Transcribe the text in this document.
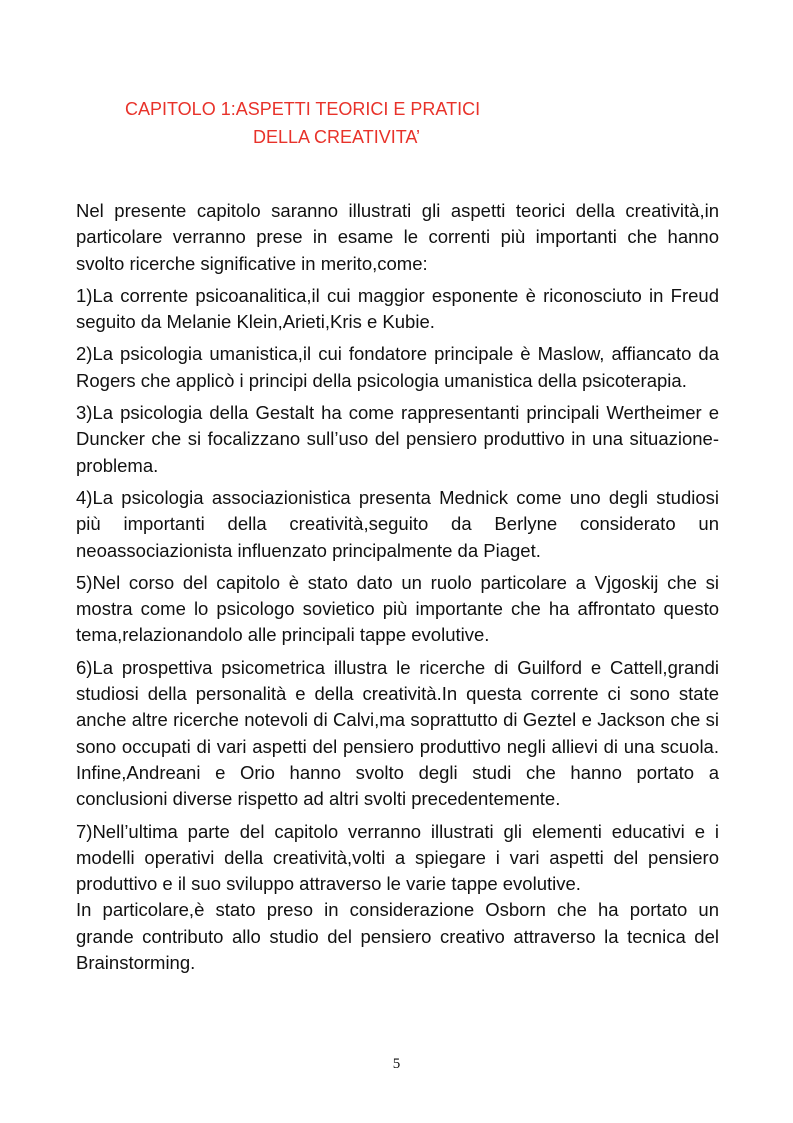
CAPITOLO 1:ASPETTI TEORICI E PRATICI
DELLA CREATIVITA’

Nel presente capitolo saranno illustrati gli aspetti teorici della creatività,in particolare verranno prese in esame le correnti più importanti che hanno svolto ricerche significative in merito,come:

1)La corrente psicoanalitica,il cui maggior esponente è riconosciuto in Freud seguito da Melanie Klein,Arieti,Kris e Kubie.

2)La psicologia umanistica,il cui fondatore principale è Maslow, affiancato da Rogers che applicò i principi della psicologia umanistica della psicoterapia.

3)La psicologia della Gestalt ha come rappresentanti principali Wertheimer e Duncker che si focalizzano sull’uso del pensiero produttivo in una situazione-problema.

4)La psicologia associazionistica presenta Mednick come uno degli studiosi più importanti della creatività,seguito da Berlyne considerato un neoassociazionista influenzato principalmente da Piaget.

5)Nel corso del capitolo è stato dato un ruolo particolare a Vjgoskij che si mostra come lo psicologo sovietico più importante che ha affrontato questo tema,relazionandolo alle principali tappe evolutive.

6)La prospettiva psicometrica illustra le ricerche di Guilford e Cattell,grandi studiosi della personalità e della creatività.In questa corrente ci sono state anche altre ricerche notevoli di Calvi,ma soprattutto di Geztel e Jackson che si sono occupati di vari aspetti del pensiero produttivo negli allievi di una scuola. Infine,Andreani e Orio hanno svolto degli studi che hanno portato a conclusioni diverse rispetto ad altri svolti precedentemente.

7)Nell’ultima parte del capitolo verranno illustrati gli elementi educativi e i modelli operativi della creatività,volti a spiegare i vari aspetti del pensiero produttivo e il suo sviluppo attraverso le varie tappe evolutive.

In particolare,è stato preso in considerazione Osborn che ha portato un grande contributo allo studio del pensiero creativo attraverso la tecnica del Brainstorming.

5
